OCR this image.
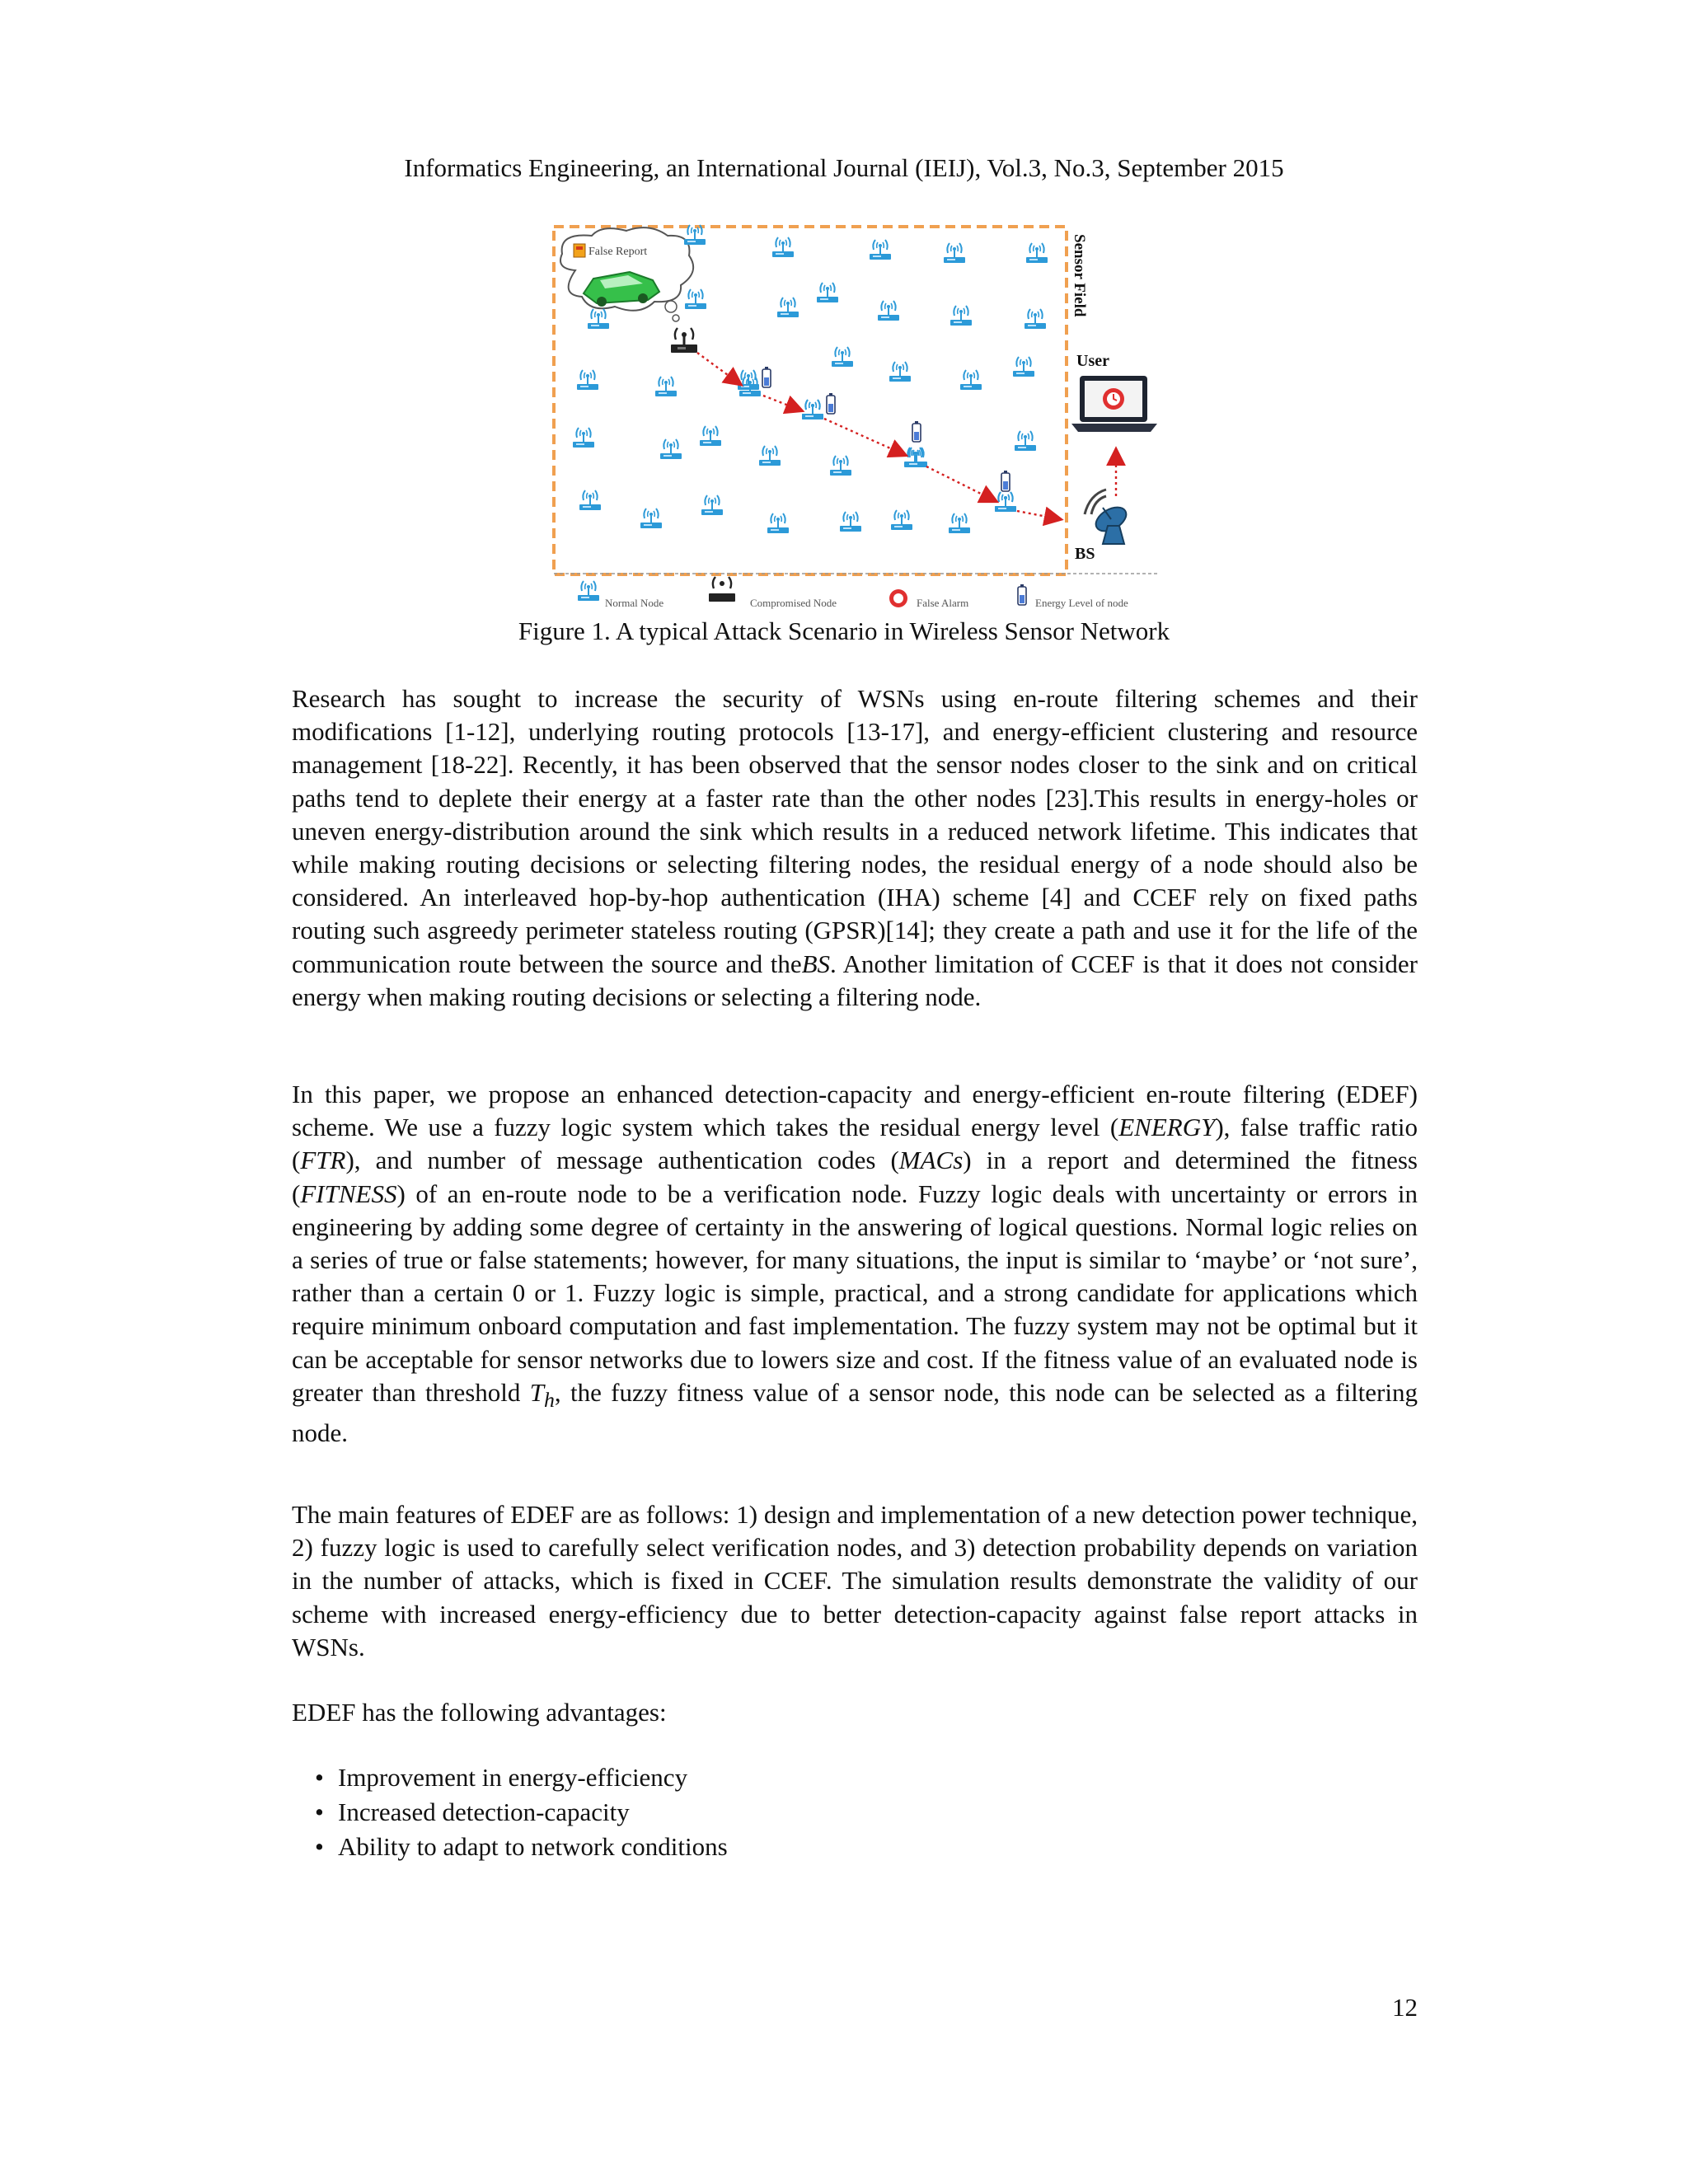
Informatics Engineering, an International Journal (IEIJ), Vol.3, No.3, September 2015
Sensor Field
False Report
BS
User
Normal Node	Compromised Node	False Alarm	Energy Level of node
Figure 1. A typical Attack Scenario in Wireless Sensor Network

Research has sought to increase the security of WSNs using en-route filtering schemes and their modifications [1-12], underlying routing protocols [13-17], and energy-efficient clustering and resource management [18-22]. Recently, it has been observed that the sensor nodes closer to the sink and on critical paths tend to deplete their energy at a faster rate than the other nodes [23].This results in energy-holes or uneven energy-distribution around the sink which results in a reduced network lifetime. This indicates that while making routing decisions or selecting filtering nodes, the residual energy of a node should also be considered. An interleaved hop-by-hop authentication (IHA) scheme [4] and CCEF rely on fixed paths routing such asgreedy perimeter stateless routing (GPSR)[14]; they create a path and use it for the life of the communication route between the source and theBS. Another limitation of CCEF is that it does not consider energy when making routing decisions or selecting a filtering node.

In this paper, we propose an enhanced detection-capacity and energy-efficient en-route filtering (EDEF) scheme. We use a fuzzy logic system which takes the residual energy level (ENERGY), false traffic ratio (FTR), and number of message authentication codes (MACs) in a report and determined the fitness (FITNESS) of an en-route node to be a verification node. Fuzzy logic deals with uncertainty or errors in engineering by adding some degree of certainty in the answering of logical questions. Normal logic relies on a series of true or false statements; however, for many situations, the input is similar to ‘maybe’ or ‘not sure’, rather than a certain 0 or 1. Fuzzy logic is simple, practical, and a strong candidate for applications which require minimum onboard computation and fast implementation. The fuzzy system may not be optimal but it can be acceptable for sensor networks due to lowers size and cost. If the fitness value of an evaluated node is greater than threshold $T_h$, the fuzzy fitness value of a sensor node, this node can be selected as a filtering node.

The main features of EDEF are as follows: 1) design and implementation of a new detection power technique, 2) fuzzy logic is used to carefully select verification nodes, and 3) detection probability depends on variation in the number of attacks, which is fixed in CCEF. The simulation results demonstrate the validity of our scheme with increased energy-efficiency due to better detection-capacity against false report attacks in WSNs.

EDEF has the following advantages:

• Improvement in energy-efficiency
• Increased detection-capacity
• Ability to adapt to network conditions
12
